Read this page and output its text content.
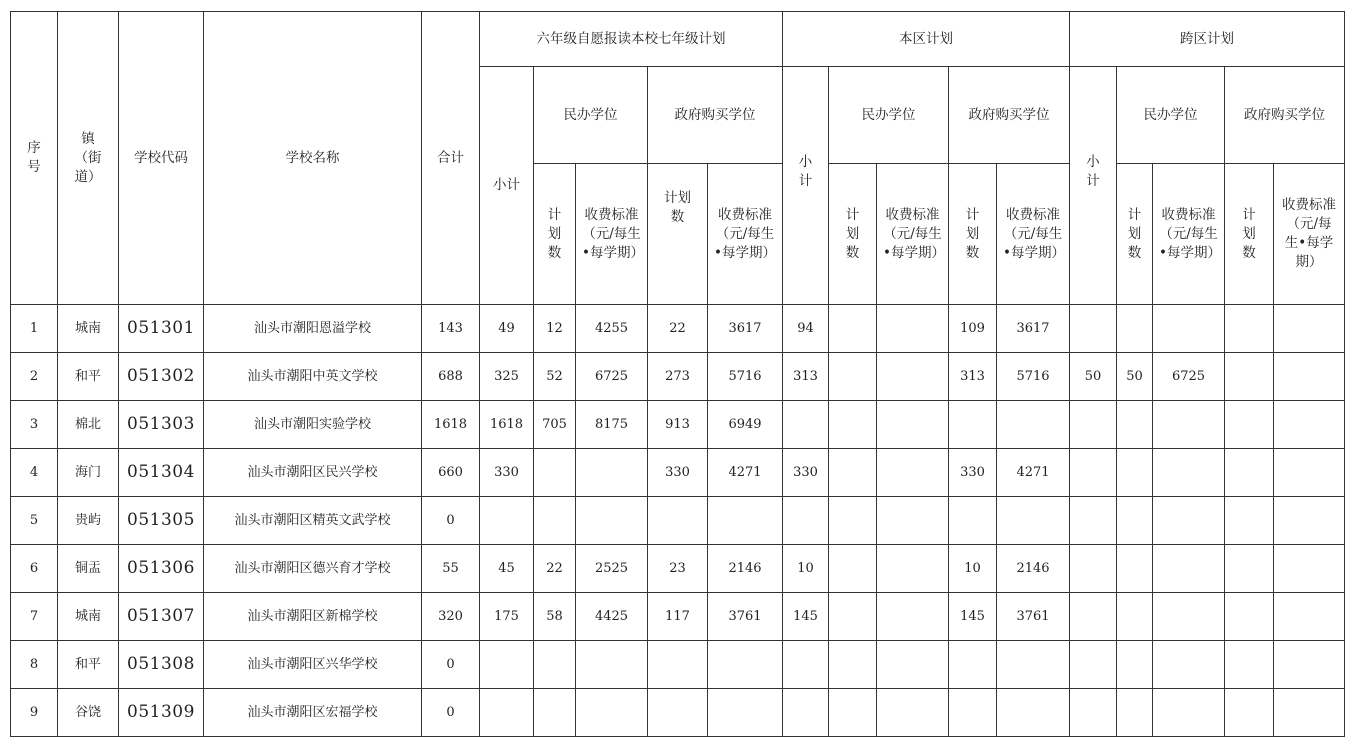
序号	镇（街道）	学校代码	学校名称	合计	六年级自愿报读本校七年级计划					本区计划					跨区计划				
					小计	民办学位		政府购买学位		小计	民办学位		政府购买学位		小计	民办学位		政府购买学位	
						计划数	收费标准（元/每生•每学期）	计划数	收费标准（元/每生•每学期）		计划数	收费标准（元/每生•每学期）	计划数	收费标准（元/每生•每学期）		计划数	收费标准（元/每生•每学期）	计划数	收费标准（元/每生•每学期）
1	城南	051301	汕头市潮阳恩溢学校	143	49	12	4255	22	3617	94			109	3617					
2	和平	051302	汕头市潮阳中英文学校	688	325	52	6725	273	5716	313			313	5716	50	50	6725		
3	棉北	051303	汕头市潮阳实验学校	1618	1618	705	8175	913	6949										
4	海门	051304	汕头市潮阳区民兴学校	660	330			330	4271	330			330	4271					
5	贵屿	051305	汕头市潮阳区精英文武学校	0															
6	铜盂	051306	汕头市潮阳区德兴育才学校	55	45	22	2525	23	2146	10			10	2146					
7	城南	051307	汕头市潮阳区新棉学校	320	175	58	4425	117	3761	145			145	3761					
8	和平	051308	汕头市潮阳区兴华学校	0															
9	谷饶	051309	汕头市潮阳区宏福学校	0															
